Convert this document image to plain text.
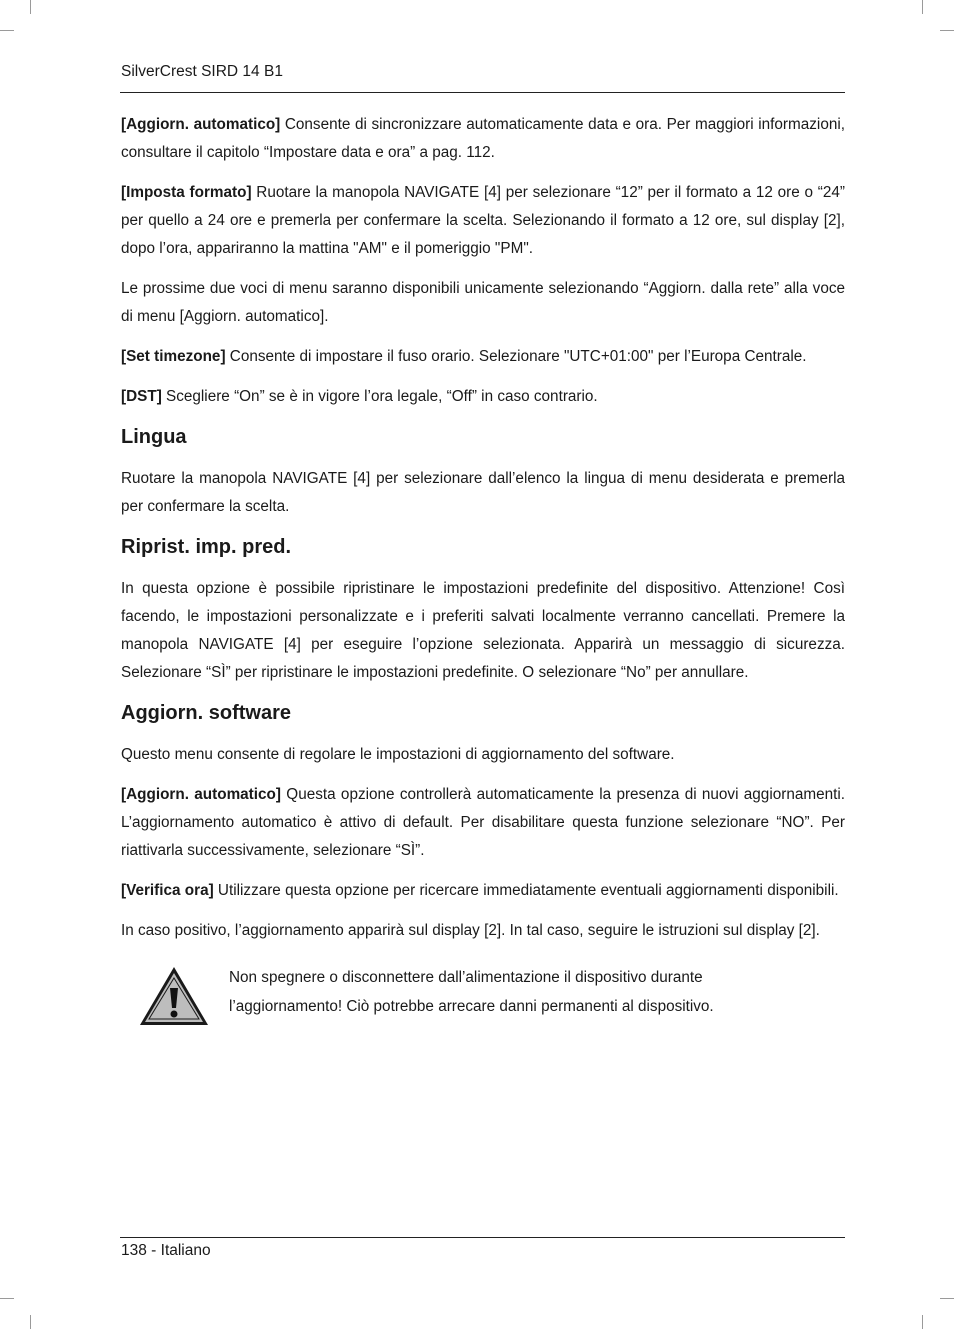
SilverCrest SIRD 14 B1

[Aggiorn. automatico] Consente di sincronizzare automaticamente data e ora. Per maggiori informazioni, consultare il capitolo “Impostare data e ora” a pag. 112.

[Imposta formato] Ruotare la manopola NAVIGATE [4] per selezionare “12” per il formato a 12 ore o “24” per quello a 24 ore e premerla per confermare la scelta. Selezionando il formato a 12 ore, sul display [2], dopo l’ora, appariranno la mattina "AM" e il pomeriggio "PM".

Le prossime due voci di menu saranno disponibili unicamente selezionando “Aggiorn. dalla rete” alla voce di menu [Aggiorn. automatico].

[Set timezone] Consente di impostare il fuso orario. Selezionare "UTC+01:00" per l’Europa Centrale.

[DST] Scegliere “On” se è in vigore l’ora legale, “Off” in caso contrario.

Lingua

Ruotare la manopola NAVIGATE [4] per selezionare dall’elenco la lingua di menu desiderata e premerla per confermare la scelta.

Riprist. imp. pred.

In questa opzione è possibile ripristinare le impostazioni predefinite del dispositivo. Attenzione! Così facendo, le impostazioni personalizzate e i preferiti salvati localmente verranno cancellati. Premere la manopola NAVIGATE [4] per eseguire l’opzione selezionata. Apparirà un messaggio di sicurezza. Selezionare “SÌ” per ripristinare le impostazioni predefinite. O selezionare “No” per annullare.

Aggiorn. software

Questo menu consente di regolare le impostazioni di aggiornamento del software.

[Aggiorn. automatico] Questa opzione controllerà automaticamente la presenza di nuovi aggiornamenti. L’aggiornamento automatico è attivo di default. Per disabilitare questa funzione selezionare “NO”. Per riattivarla successivamente, selezionare “SÌ”.

[Verifica ora] Utilizzare questa opzione per ricercare immediatamente eventuali aggiornamenti disponibili.

In caso positivo, l’aggiornamento apparirà sul display [2]. In tal caso, seguire le istruzioni sul display [2].

Non spegnere o disconnettere dall’alimentazione il dispositivo durante
l’aggiornamento! Ciò potrebbe arrecare danni permanenti al dispositivo.
138 - Italiano
